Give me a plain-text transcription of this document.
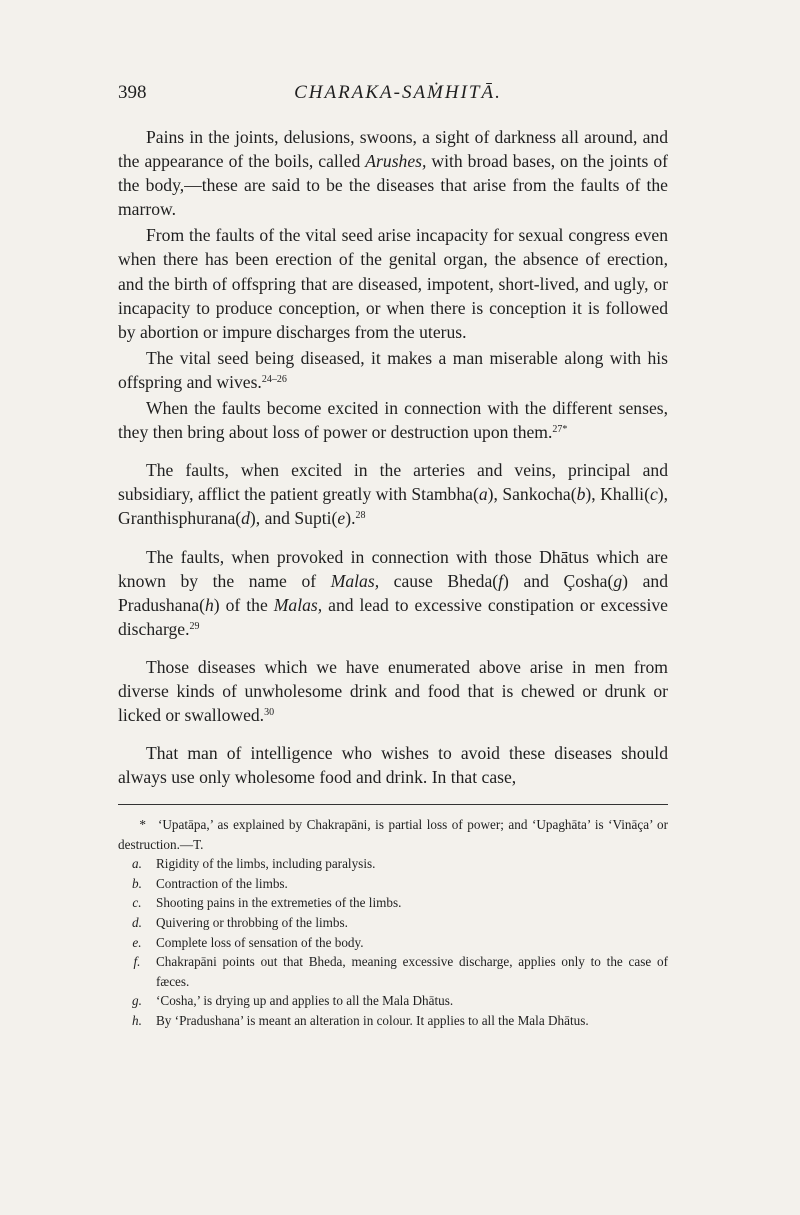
398	CHARAKA-SAṀHITĀ.

Pains in the joints, delusions, swoons, a sight of darkness all around, and the appearance of the boils, called Arushes, with broad bases, on the joints of the body,—these are said to be the diseases that arise from the faults of the marrow.

From the faults of the vital seed arise incapacity for sexual congress even when there has been erection of the genital organ, the absence of erection, and the birth of offspring that are diseased, impotent, short-lived, and ugly, or incapacity to produce conception, or when there is conception it is followed by abortion or impure discharges from the uterus.

The vital seed being diseased, it makes a man miserable along with his offspring and wives.$^{24-26}$

When the faults become excited in connection with the different senses, they then bring about loss of power or destruction upon them.$^{27*}$

The faults, when excited in the arteries and veins, principal and subsidiary, afflict the patient greatly with Stambha(a), Sankocha(b), Khalli(c), Granthisphurana(d), and Supti(e).$^{28}$

The faults, when provoked in connection with those Dhātus which are known by the name of Malas, cause Bheda(f) and Çosha(g) and Pradushana(h) of the Malas, and lead to excessive constipation or excessive discharge.$^{29}$

Those diseases which we have enumerated above arise in men from diverse kinds of unwholesome drink and food that is chewed or drunk or licked or swallowed.$^{30}$

That man of intelligence who wishes to avoid these diseases should always use only wholesome food and drink. In that case,

* ‘Upatāpa,’ as explained by Chakrapāni, is partial loss of power; and ‘Upaghāta’ is ‘Vināça’ or destruction.—T.
a.	Rigidity of the limbs, including paralysis.
b.	Contraction of the limbs.
c.	Shooting pains in the extremeties of the limbs.
d.	Quivering or throbbing of the limbs.
e.	Complete loss of sensation of the body.
f.	Chakrapāni points out that Bheda, meaning excessive discharge, applies only to the case of fæces.
g.	‘Cosha,’ is drying up and applies to all the Mala Dhātus.
h.	By ‘Pradushana’ is meant an alteration in colour. It applies to all the Mala Dhātus.
